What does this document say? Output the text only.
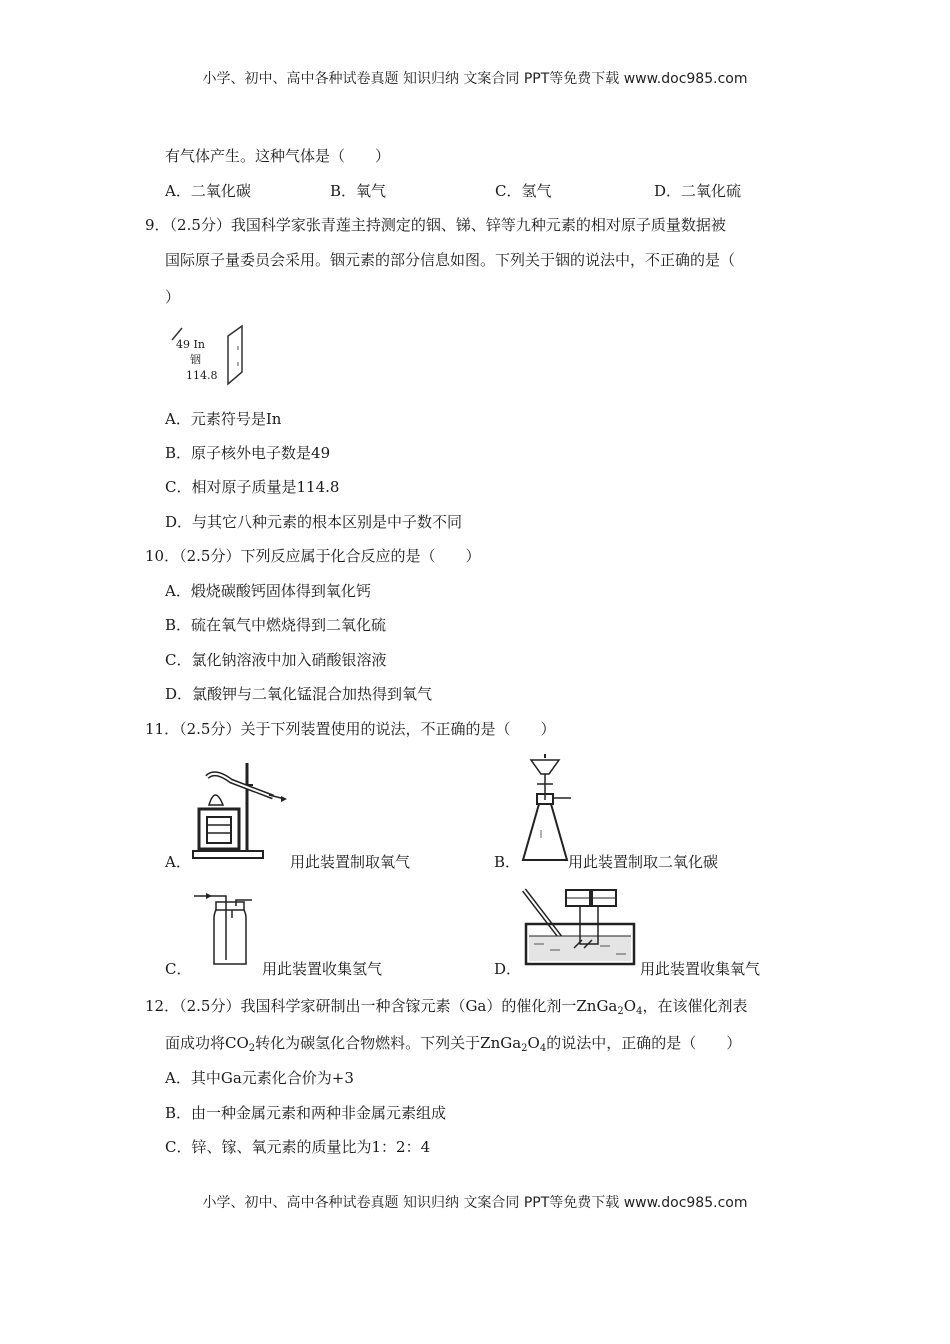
小学、初中、高中各种试卷真题 知识归纳 文案合同 PPT等免费下载 www.doc985.com
有气体产生。这种气体是（　　）
A．二氧化碳	B．氧气	C．氢气	D．二氧化硫
9．（2.5分）我国科学家张青莲主持测定的铟、锑、锌等九种元素的相对原子质量数据被
国际原子量委员会采用。铟元素的部分信息如图。下列关于铟的说法中，不正确的是（
）
49 In
铟
114.8
A．元素符号是In
B．原子核外电子数是49
C．相对原子质量是114.8
D．与其它八种元素的根本区别是中子数不同
10．（2.5分）下列反应属于化合反应的是（　　）
A．煅烧碳酸钙固体得到氧化钙
B．硫在氧气中燃烧得到二氧化硫
C．氯化钠溶液中加入硝酸银溶液
D．氯酸钾与二氧化锰混合加热得到氧气
11．（2.5分）关于下列装置使用的说法，不正确的是（　　）
A．	用此装置制取氧气	B．	用此装置制取二氧化碳
C．	用此装置收集氢气	D．	用此装置收集氧气
12．（2.5分）我国科学家研制出一种含镓元素（Ga）的催化剂一$ZnGa_2O_4$，在该催化剂表
面成功将$CO_2$转化为碳氢化合物燃料。下列关于$ZnGa_2O_4$的说法中，正确的是（　　）
A．其中Ga元素化合价为+3
B．由一种金属元素和两种非金属元素组成
C．锌、镓、氧元素的质量比为1：2：4
小学、初中、高中各种试卷真题 知识归纳 文案合同 PPT等免费下载 www.doc985.com
